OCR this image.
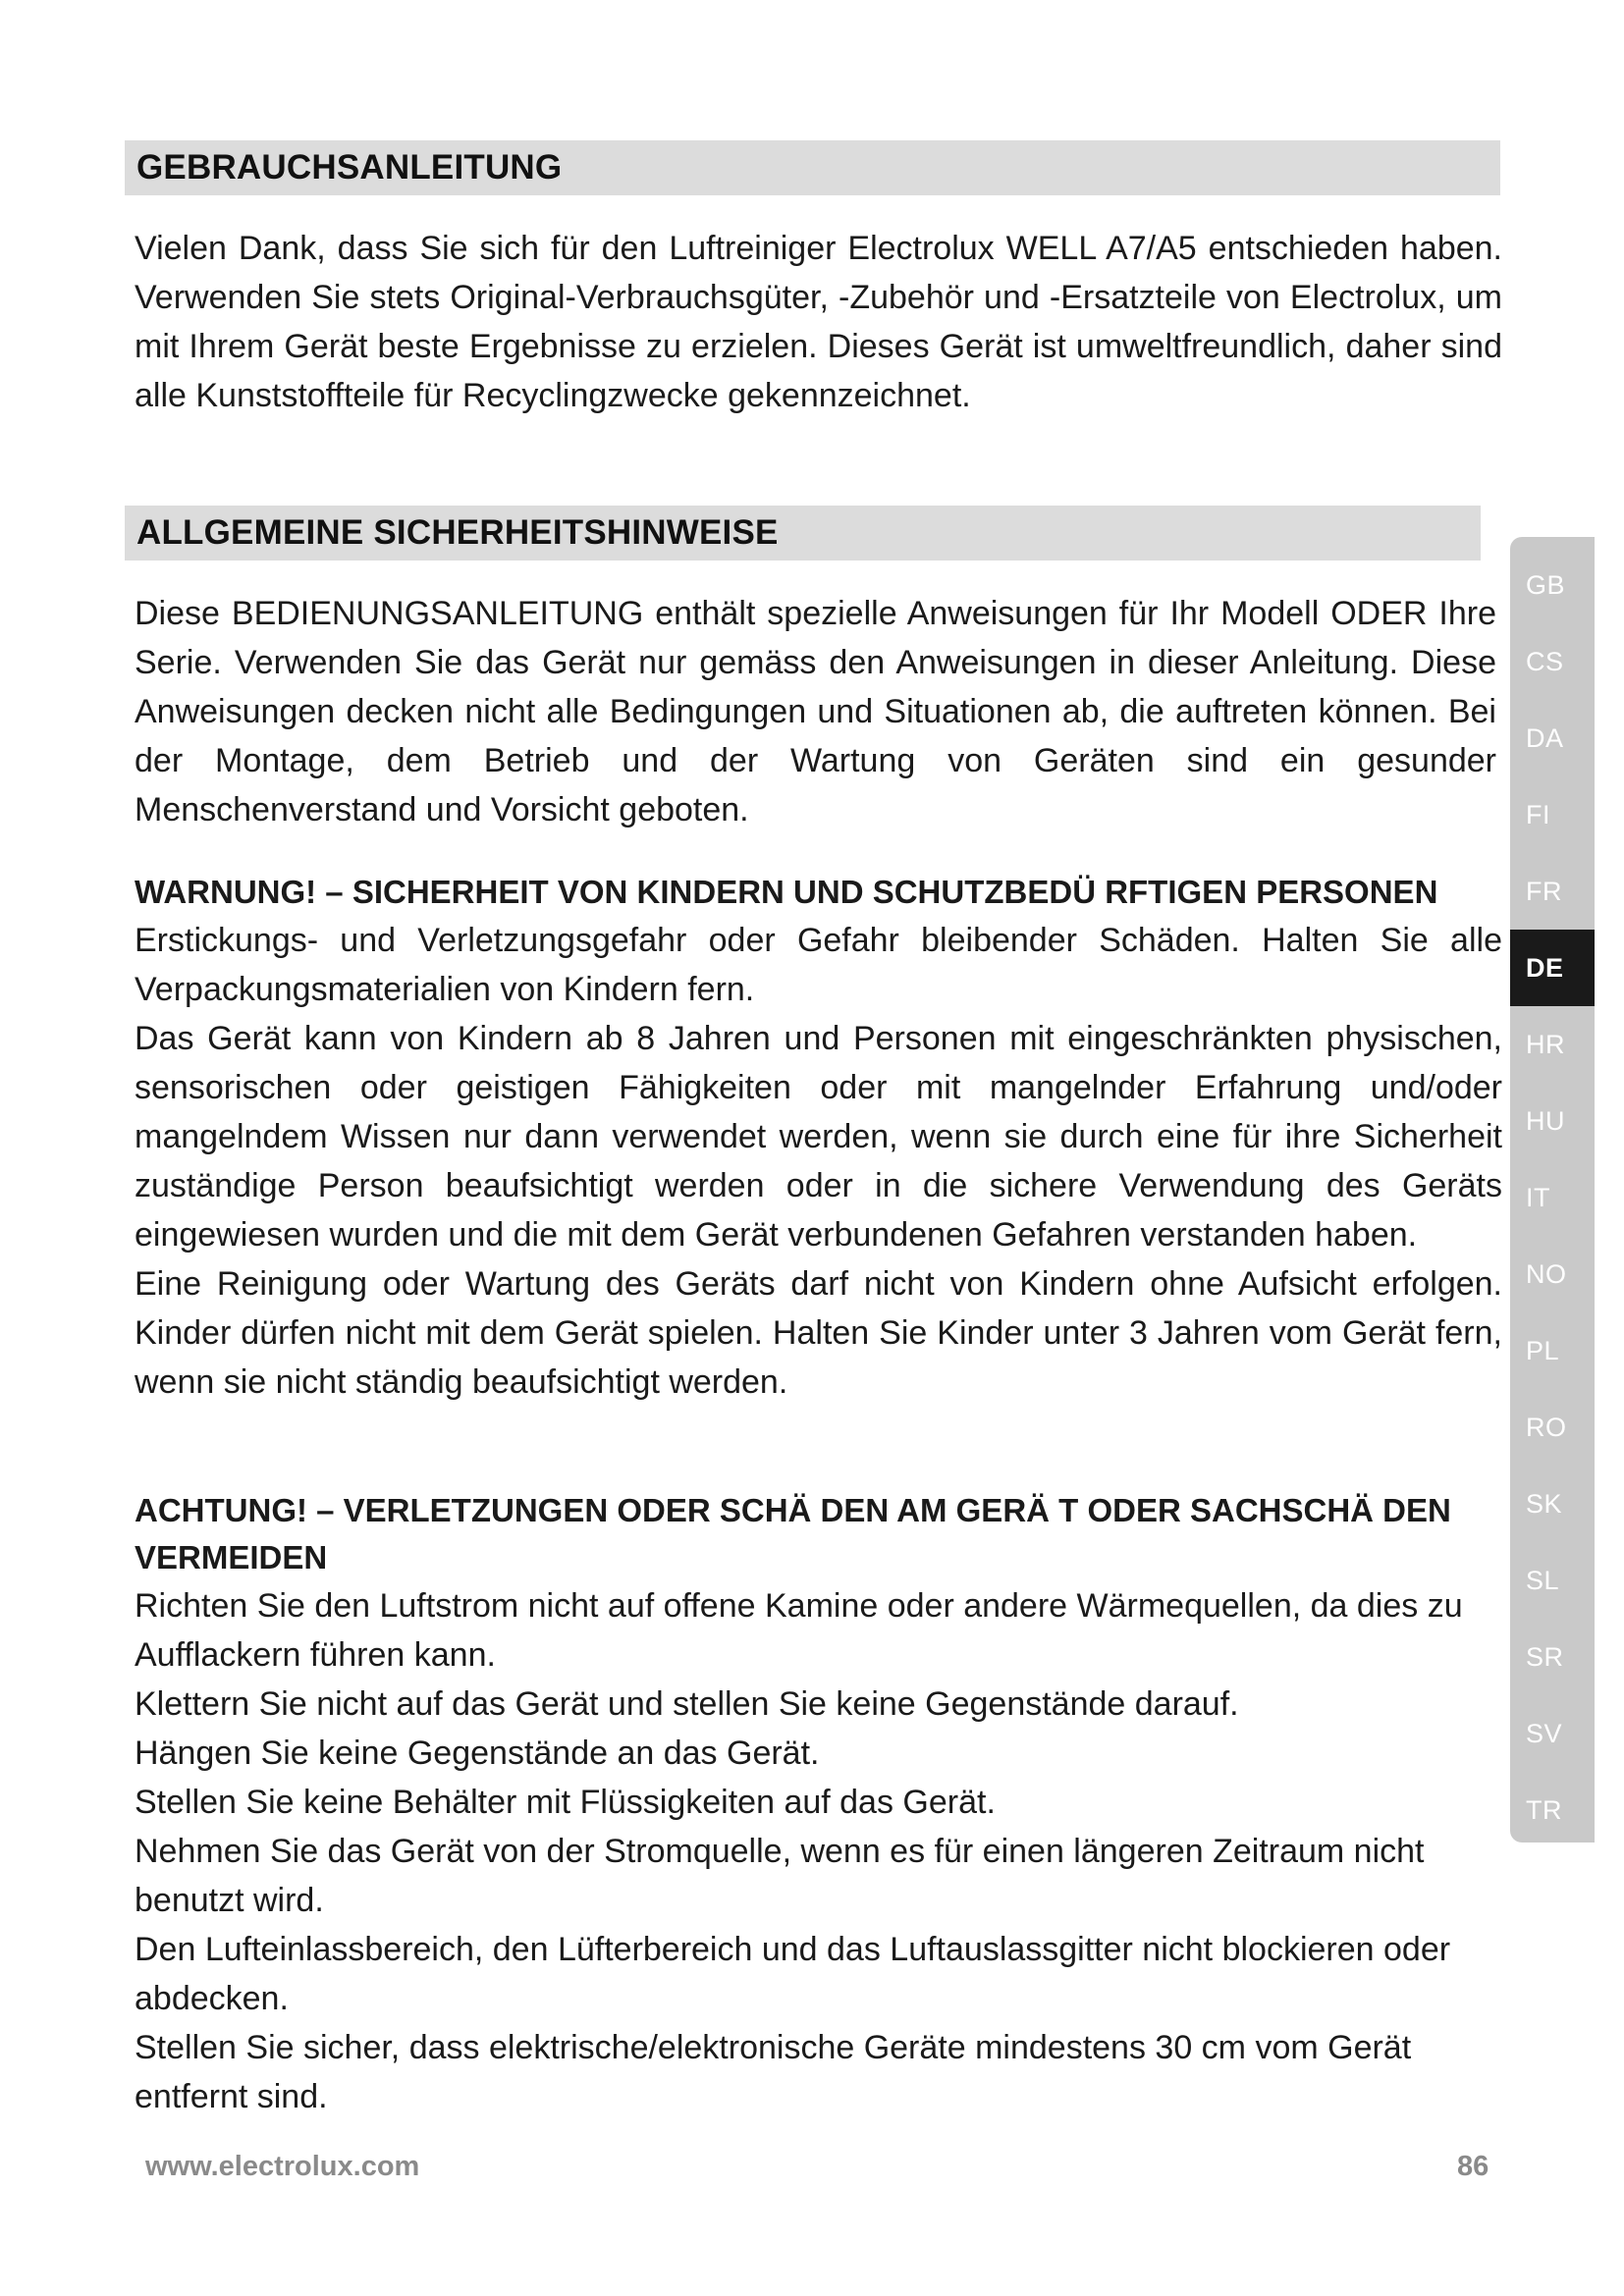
GEBRAUCHSANLEITUNG

Vielen Dank, dass Sie sich für den Luftreiniger Electrolux WELL A7/A5 entschieden haben. Verwenden Sie stets Original-Verbrauchsgüter, -Zubehör und -Ersatzteile von Electrolux, um mit Ihrem Gerät beste Ergebnisse zu erzielen. Dieses Gerät ist umweltfreundlich, daher sind alle Kunststoffteile für Recyclingzwecke gekennzeichnet.

ALLGEMEINE SICHERHEITSHINWEISE

Diese BEDIENUNGSANLEITUNG enthält spezielle Anweisungen für Ihr Modell ODER Ihre Serie. Verwenden Sie das Gerät nur gemäss den Anweisungen in dieser Anleitung. Diese Anweisungen decken nicht alle Bedingungen und Situationen ab, die auftreten können. Bei der Montage, dem Betrieb und der Wartung von Geräten sind ein gesunder Menschenverstand und Vorsicht geboten.

WARNUNG! – SICHERHEIT VON KINDERN UND SCHUTZBEDÜ RFTIGEN PERSONEN

Erstickungs- und Verletzungsgefahr oder Gefahr bleibender Schäden. Halten Sie alle Verpackungsmaterialien von Kindern fern.

Das Gerät kann von Kindern ab 8 Jahren und Personen mit eingeschränkten physischen, sensorischen oder geistigen Fähigkeiten oder mit mangelnder Erfahrung und/oder mangelndem Wissen nur dann verwendet werden, wenn sie durch eine für ihre Sicherheit zuständige Person beaufsichtigt werden oder in die sichere Verwendung des Geräts eingewiesen wurden und die mit dem Gerät verbundenen Gefahren verstanden haben.

Eine Reinigung oder Wartung des Geräts darf nicht von Kindern ohne Aufsicht erfolgen. Kinder dürfen nicht mit dem Gerät spielen. Halten Sie Kinder unter 3 Jahren vom Gerät fern, wenn sie nicht ständig beaufsichtigt werden.

ACHTUNG! – VERLETZUNGEN ODER SCHÄ DEN AM GERÄ T ODER SACHSCHÄ DEN VERMEIDEN

Richten Sie den Luftstrom nicht auf offene Kamine oder andere Wärmequellen, da dies zu Aufflackern führen kann.

Klettern Sie nicht auf das Gerät und stellen Sie keine Gegenstände darauf.

Hängen Sie keine Gegenstände an das Gerät.

Stellen Sie keine Behälter mit Flüssigkeiten auf das Gerät.

Nehmen Sie das Gerät von der Stromquelle, wenn es für einen längeren Zeitraum nicht benutzt wird.

Den Lufteinlassbereich, den Lüfterbereich und das Luftauslassgitter nicht blockieren oder abdecken.

Stellen Sie sicher, dass elektrische/elektronische Geräte mindestens 30 cm vom Gerät entfernt sind.

GB
CS
DA
FI
FR
DE
HR
HU
IT
NO
PL
RO
SK
SL
SR
SV
TR
www.electrolux.com	86
